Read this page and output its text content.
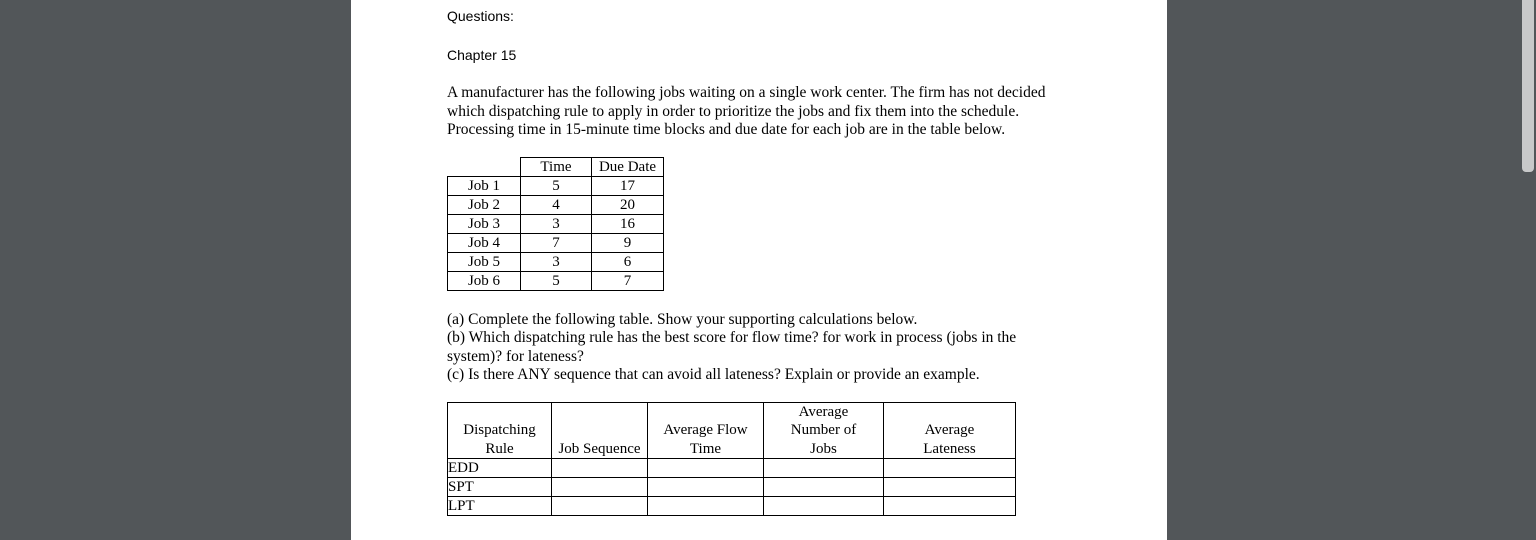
Questions:
Chapter 15
A manufacturer has the following jobs waiting on a single work center. The firm has not decided which dispatching rule to apply in order to prioritize the jobs and fix them into the schedule. Processing time in 15-minute time blocks and due date for each job are in the table below.
	Time	Due Date
Job 1	5	17
Job 2	4	20
Job 3	3	16
Job 4	7	9
Job 5	3	6
Job 6	5	7
(a) Complete the following table. Show your supporting calculations below.
(b) Which dispatching rule has the best score for flow time? for work in process (jobs in the system)? for lateness?
(c) Is there ANY sequence that can avoid all lateness? Explain or provide an example.
Dispatching Rule	Job Sequence	Average Flow Time	Average Number of Jobs	Average Lateness
EDD				
SPT				
LPT				
